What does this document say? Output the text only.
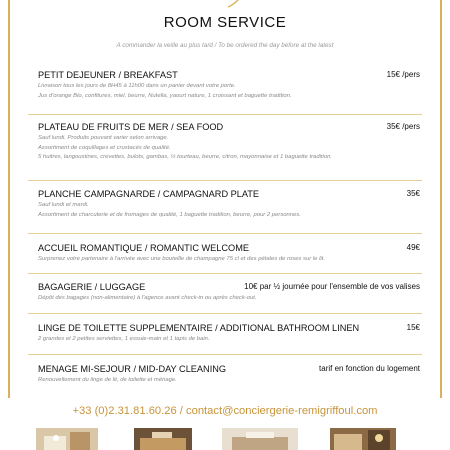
ROOM SERVICE
A commander la veille au plus tard / To be ordered the day before at the latest
PETIT DEJEUNER / BREAKFAST	15€ /pers
Livraison tous les jours de 8H45 à 11h00 dans un panier devant votre porte.
Jus d'orange Bio, confitures, miel, beurre, Nutella, yaourt nature, 1 croissant et baguette tradition.
PLATEAU DE FRUITS DE MER / SEA FOOD	35€ /pers
Sauf lundi. Produits pouvant varier selon arrivage.
Assortiment de coquillages et crustacés de qualité.
5 huitres, langoustines, crevettes, bulots, gambas, ½ tourteau, beurre, citron, mayonnaise et 1 baguette tradition.
PLANCHE CAMPAGNARDE / CAMPAGNARD PLATE	35€
Sauf lundi et mardi.
Assortiment de charcuterie et de fromages de qualité, 1 baguette tradition, beurre, pour 2 personnes.
ACCUEIL ROMANTIQUE / ROMANTIC WELCOME	49€
Surprenez votre partenaire à l'arrivée avec une bouteille de champagne 75 cl et des pétales de roses sur le lit.
BAGAGERIE / LUGGAGE	10€ par ½ journée pour l'ensemble de vos valises
Dépôt des bagages (non-alimentaire) à l'agence avant check-in ou après check-out.
LINGE DE TOILETTE SUPPLEMENTAIRE / ADDITIONAL BATHROOM LINEN	15€
2 grandes et 2 petites serviettes, 1 essuie-main et 1 tapis de bain.
MENAGE MI-SEJOUR / MID-DAY CLEANING	tarif en fonction du logement
Renouvellement du linge de lit, de toilette et ménage.
+33 (0)2.31.81.60.26 / contact@conciergerie-remigriffoul.com
